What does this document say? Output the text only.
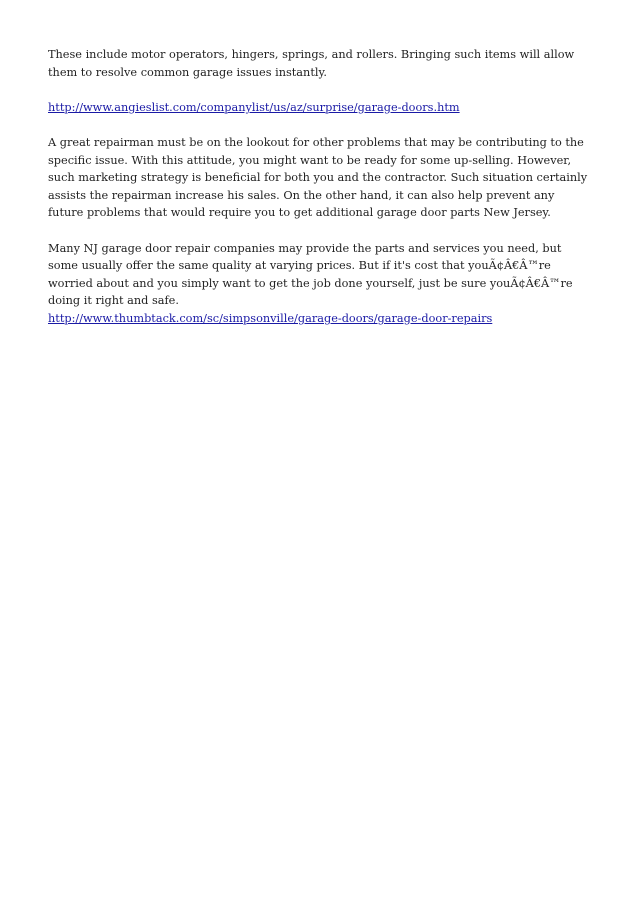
These include motor operators, hingers, springs, and rollers. Bringing such items will allow them to resolve common garage issues instantly.

http://www.angieslist.com/companylist/us/az/surprise/garage-doors.htm

A great repairman must be on the lookout for other problems that may be contributing to the specific issue. With this attitude, you might want to be ready for some up-selling. However, such marketing strategy is beneficial for both you and the contractor. Such situation certainly assists the repairman increase his sales. On the other hand, it can also help prevent any future problems that would require you to get additional garage door parts New Jersey.

Many NJ garage door repair companies may provide the parts and services you need, but some usually offer the same quality at varying prices. But if it's cost that youÃ¢Â€Â™re worried about and you simply want to get the job done yourself, just be sure youÃ¢Â€Â™re doing it right and safe.
http://www.thumbtack.com/sc/simpsonville/garage-doors/garage-door-repairs
